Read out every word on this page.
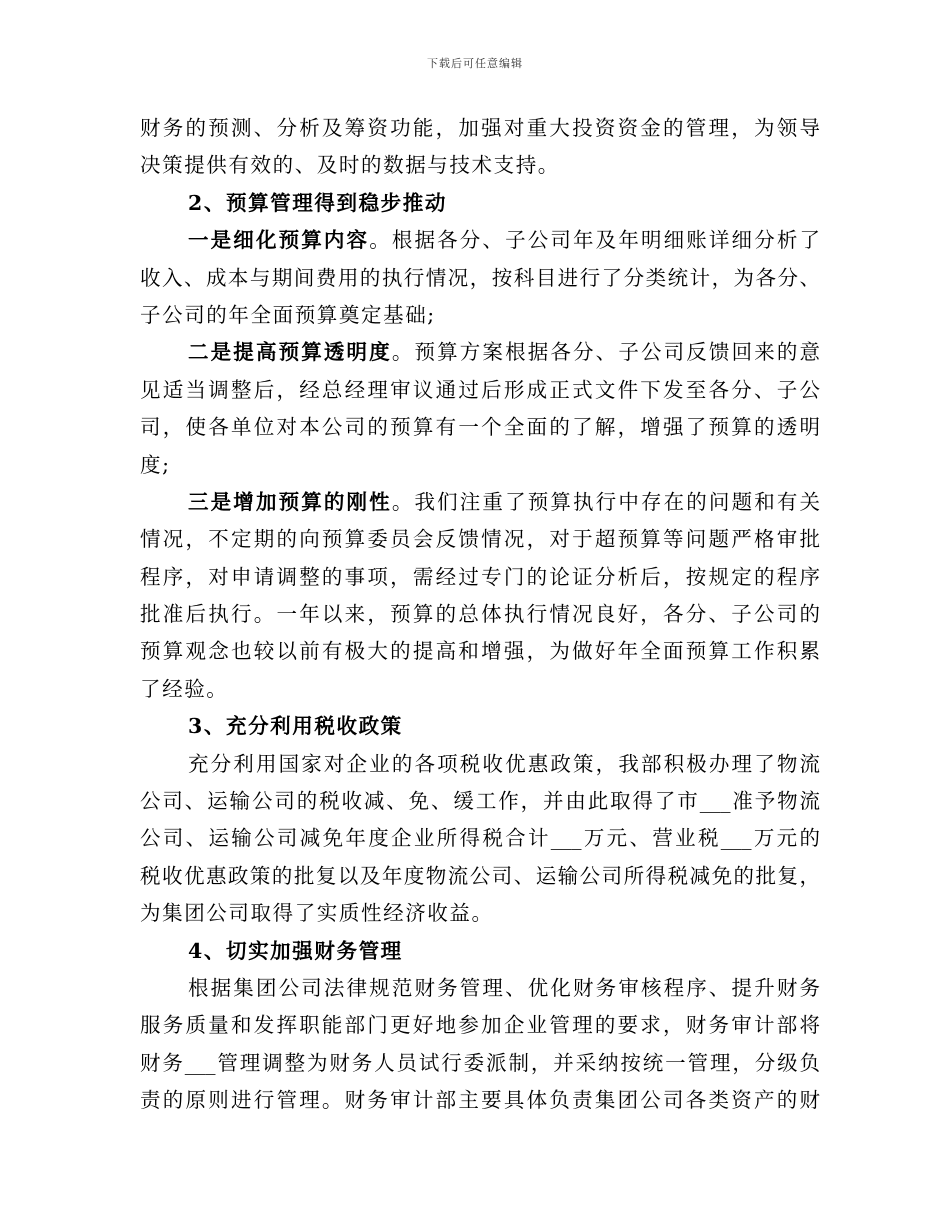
下载后可任意编辑
财务的预测、分析及筹资功能，加强对重大投资资金的管理，为领导
决策提供有效的、及时的数据与技术支持。
2、预算管理得到稳步推动
一是细化预算内容。根据各分、子公司年及年明细账详细分析了
收入、成本与期间费用的执行情况，按科目进行了分类统计，为各分、
子公司的年全面预算奠定基础;
二是提高预算透明度。预算方案根据各分、子公司反馈回来的意
见适当调整后，经总经理审议通过后形成正式文件下发至各分、子公
司，使各单位对本公司的预算有一个全面的了解，增强了预算的透明
度;
三是增加预算的刚性。我们注重了预算执行中存在的问题和有关
情况，不定期的向预算委员会反馈情况，对于超预算等问题严格审批
程序，对申请调整的事项，需经过专门的论证分析后，按规定的程序
批准后执行。一年以来，预算的总体执行情况良好，各分、子公司的
预算观念也较以前有极大的提高和增强，为做好年全面预算工作积累
了经验。
3、充分利用税收政策
充分利用国家对企业的各项税收优惠政策，我部积极办理了物流
公司、运输公司的税收减、免、缓工作，并由此取得了市___准予物流
公司、运输公司减免年度企业所得税合计___万元、营业税___万元的
税收优惠政策的批复以及年度物流公司、运输公司所得税减免的批复，
为集团公司取得了实质性经济收益。
4、切实加强财务管理
根据集团公司法律规范财务管理、优化财务审核程序、提升财务
服务质量和发挥职能部门更好地参加企业管理的要求，财务审计部将
财务___管理调整为财务人员试行委派制，并采纳按统一管理，分级负
责的原则进行管理。财务审计部主要具体负责集团公司各类资产的财
